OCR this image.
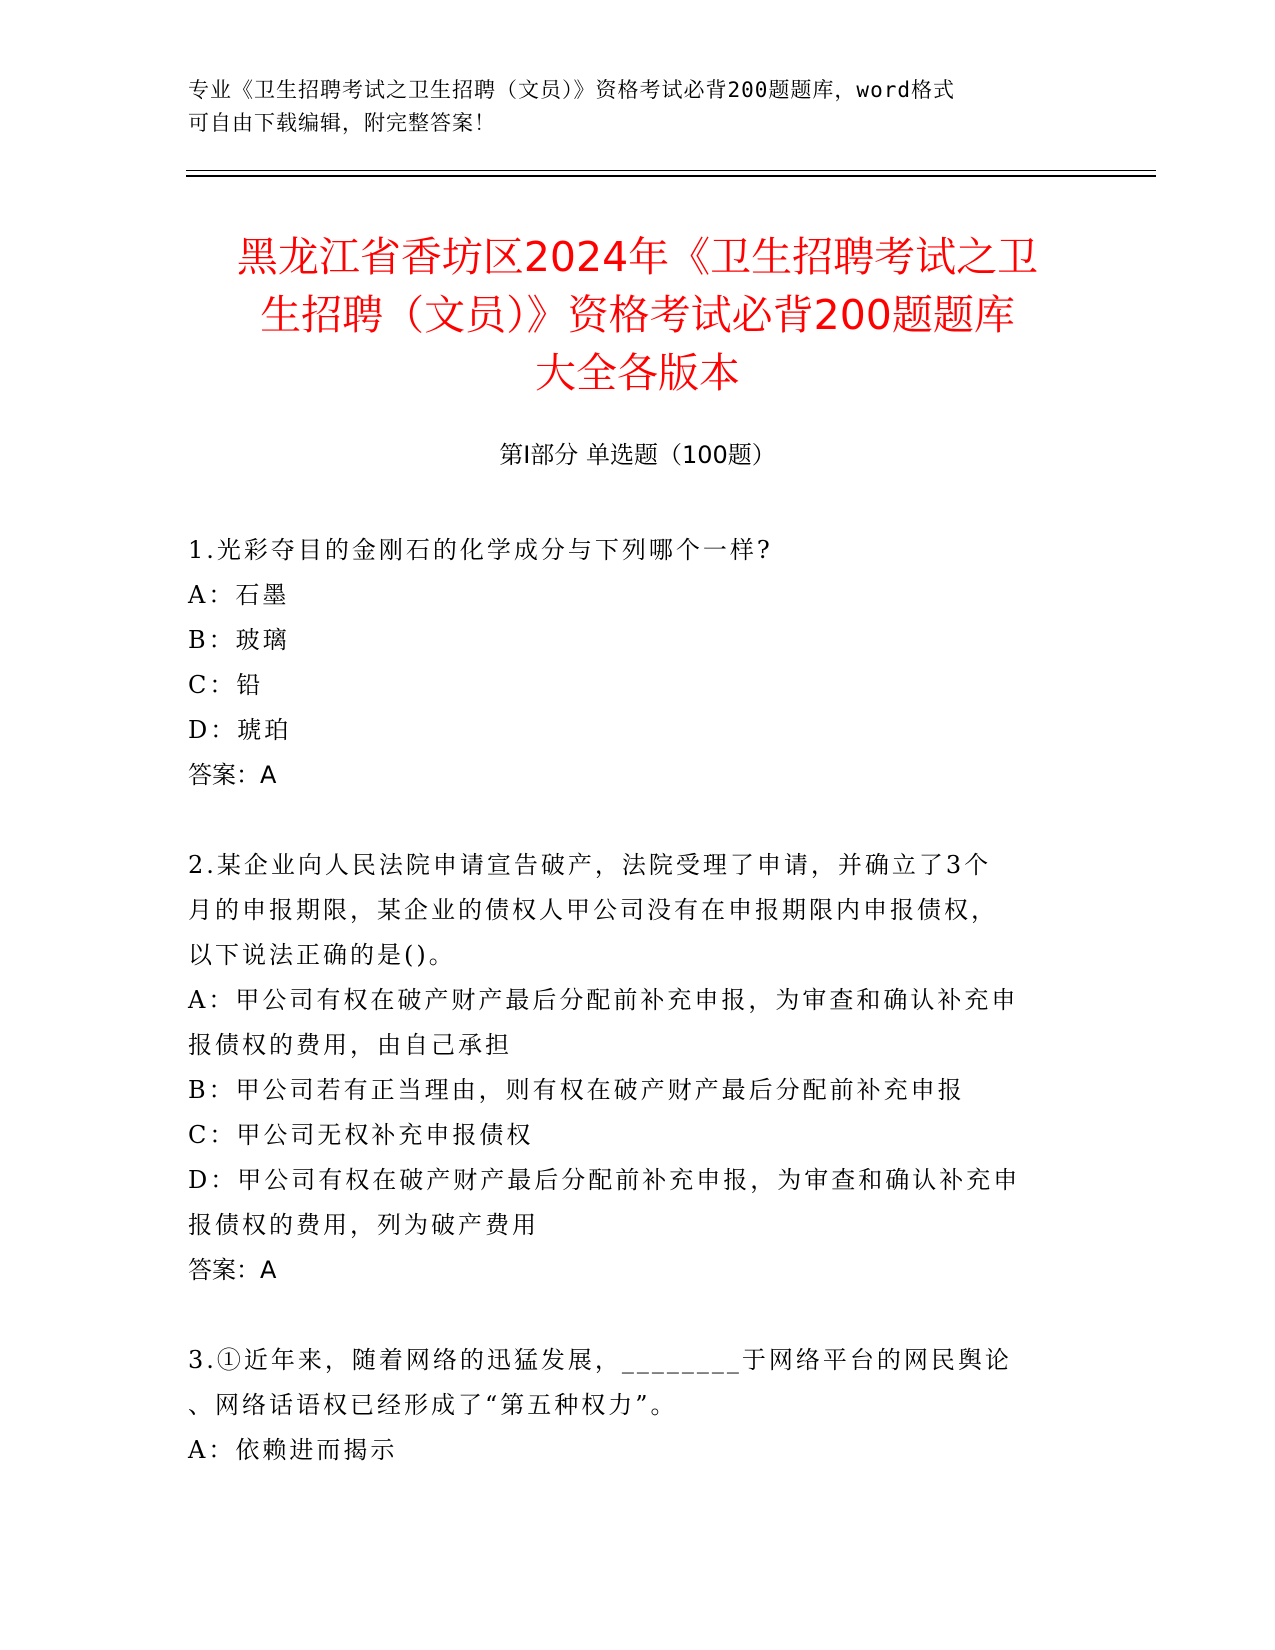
专业《卫生招聘考试之卫生招聘（文员）》资格考试必背200题题库，word格式
可自由下载编辑，附完整答案！
黑龙江省香坊区2024年《卫生招聘考试之卫
生招聘（文员）》资格考试必背200题题库
大全各版本
第Ⅰ部分 单选题（100题）
1.光彩夺目的金刚石的化学成分与下列哪个一样?
A：石墨
B：玻璃
C：铅
D：琥珀
答案：A
2.某企业向人民法院申请宣告破产，法院受理了申请，并确立了3个
月的申报期限，某企业的债权人甲公司没有在申报期限内申报债权，
以下说法正确的是()。
A：甲公司有权在破产财产最后分配前补充申报，为审查和确认补充申
报债权的费用，由自己承担
B：甲公司若有正当理由，则有权在破产财产最后分配前补充申报
C：甲公司无权补充申报债权
D：甲公司有权在破产财产最后分配前补充申报，为审查和确认补充申
报债权的费用，列为破产费用
答案：A
3.①近年来，随着网络的迅猛发展，________于网络平台的网民舆论
、网络话语权已经形成了“第五种权力”。
A：依赖进而揭示
